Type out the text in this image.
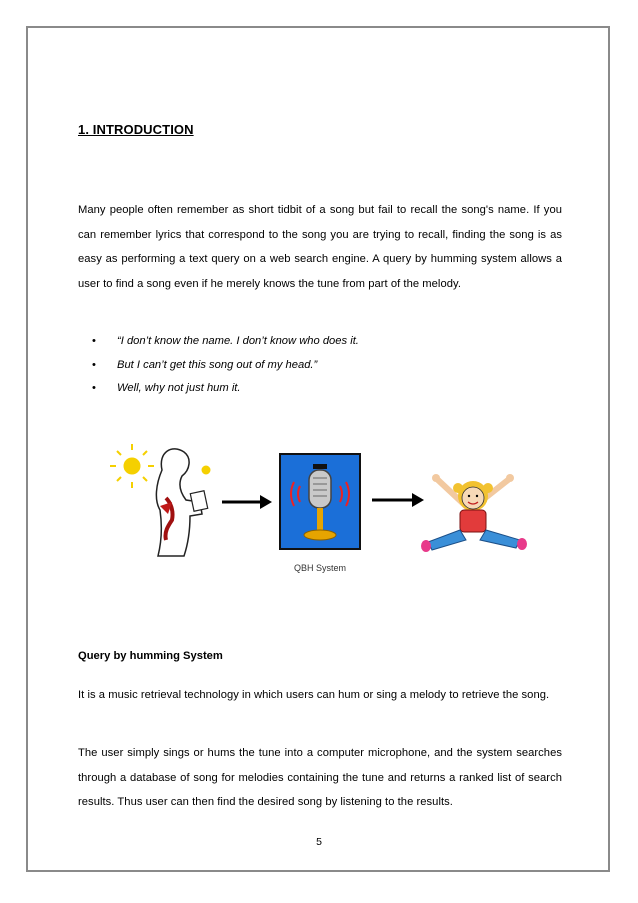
1. INTRODUCTION
Many people often remember as short tidbit of a song but fail to recall the song's name. If you can remember lyrics that correspond to the song you are trying to recall, finding the song is as easy as performing a text query on a web search engine. A query by humming system allows a user to find a song even if he merely knows the tune from part of the melody.
• “I don’t know the name. I don’t know who does it.
• But I can’t get this song out of my head.”
• Well, why not just hum it.
QBH System
Query by humming System
It is a music retrieval technology in which users can hum or sing a melody to retrieve the song.
The user simply sings or hums the tune into a computer microphone, and the system searches through a database of song for melodies containing the tune and returns a ranked list of search results. Thus user can then find the desired song by listening to the results.
5
